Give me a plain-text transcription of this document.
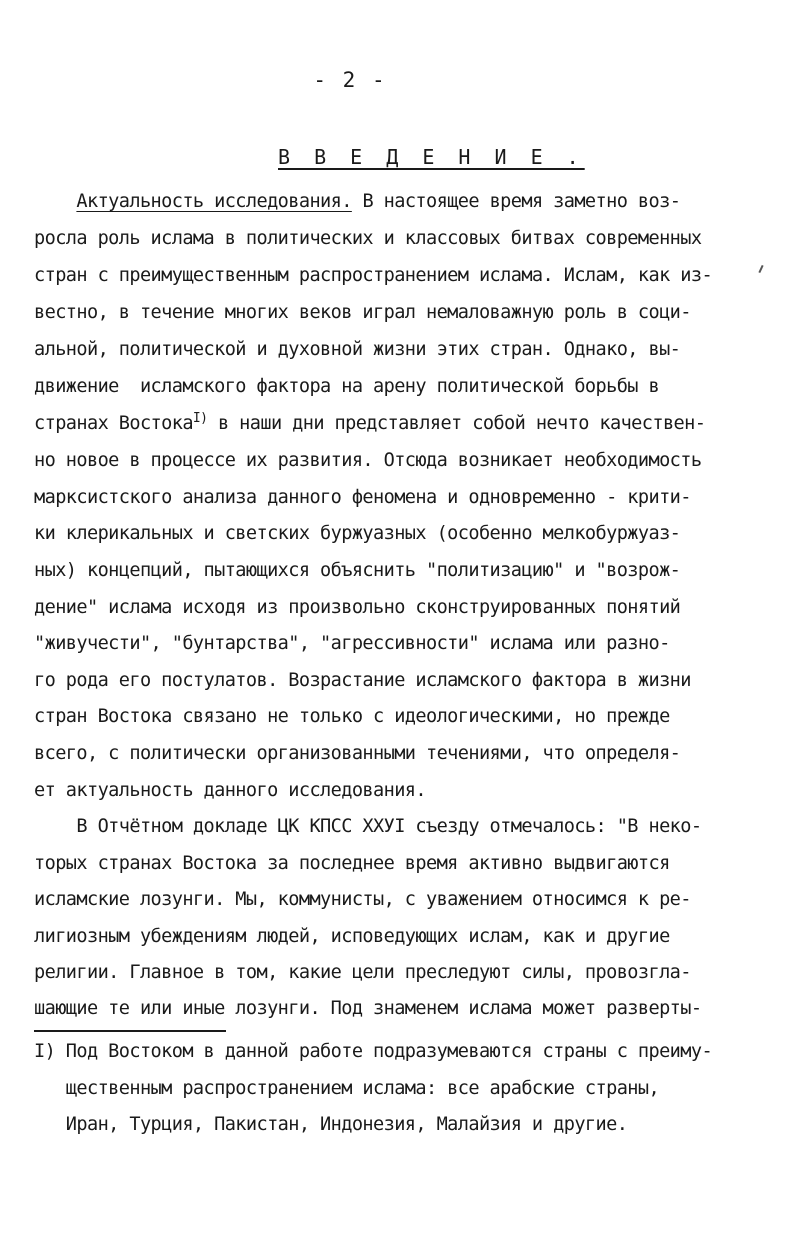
- 2 -
В В Е Д Е Н И Е .
Актуальность исследования. В настоящее время заметно воз-
росла роль ислама в политических и классовых битвах современных
стран с преимущественным распространением ислама. Ислам, как из-
вестно, в течение многих веков играл немаловажную роль в соци-
альной, политической и духовной жизни этих стран. Однако, вы-
движение  исламского фактора на арену политической борьбы в
странах Востока$^{I)}$ в наши дни представляет собой нечто качествен-
но новое в процессе их развития. Отсюда возникает необходимость
марксистского анализа данного феномена и одновременно - крити-
ки клерикальных и светских буржуазных (особенно мелкобуржуаз-
ных) концепций, пытающихся объяснить "политизацию" и "возрож-
дение" ислама исходя из произвольно сконструированных понятий
"живучести", "бунтарства", "агрессивности" ислама или разно-
го рода его постулатов. Возрастание исламского фактора в жизни
стран Востока связано не только с идеологическими, но прежде
всего, с политически организованными течениями, что определя-
ет актуальность данного исследования.
В Отчётном докладе ЦК КПСС XXУI съезду отмечалось: "В неко-
торых странах Востока за последнее время активно выдвигаются
исламские лозунги. Мы, коммунисты, с уважением относимся к ре-
лигиозным убеждениям людей, исповедующих ислам, как и другие
религии. Главное в том, какие цели преследуют силы, провозгла-
шающие те или иные лозунги. Под знаменем ислама может разверты-
I) Под Востоком в данной работе подразумеваются страны с преиму-
щественным распространением ислама: все арабские страны,
Иран, Турция, Пакистан, Индонезия, Малайзия и другие.
